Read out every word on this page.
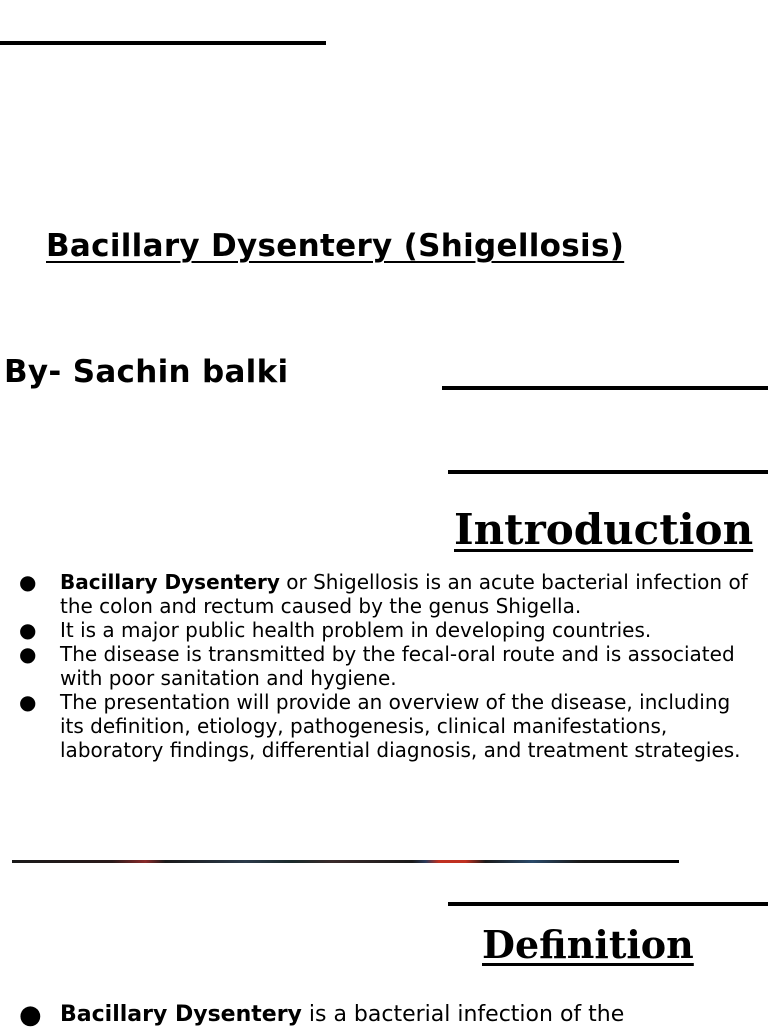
Bacillary Dysentery (Shigellosis)
By- Sachin balki
Introduction
● Bacillary Dysentery or Shigellosis is an acute bacterial infection of the colon and rectum caused by the genus Shigella.
● It is a major public health problem in developing countries.
● The disease is transmitted by the fecal-oral route and is associated with poor sanitation and hygiene.
● The presentation will provide an overview of the disease, including its definition, etiology, pathogenesis, clinical manifestations, laboratory findings, differential diagnosis, and treatment strategies.
Definition
● Bacillary Dysentery is a bacterial infection of the
